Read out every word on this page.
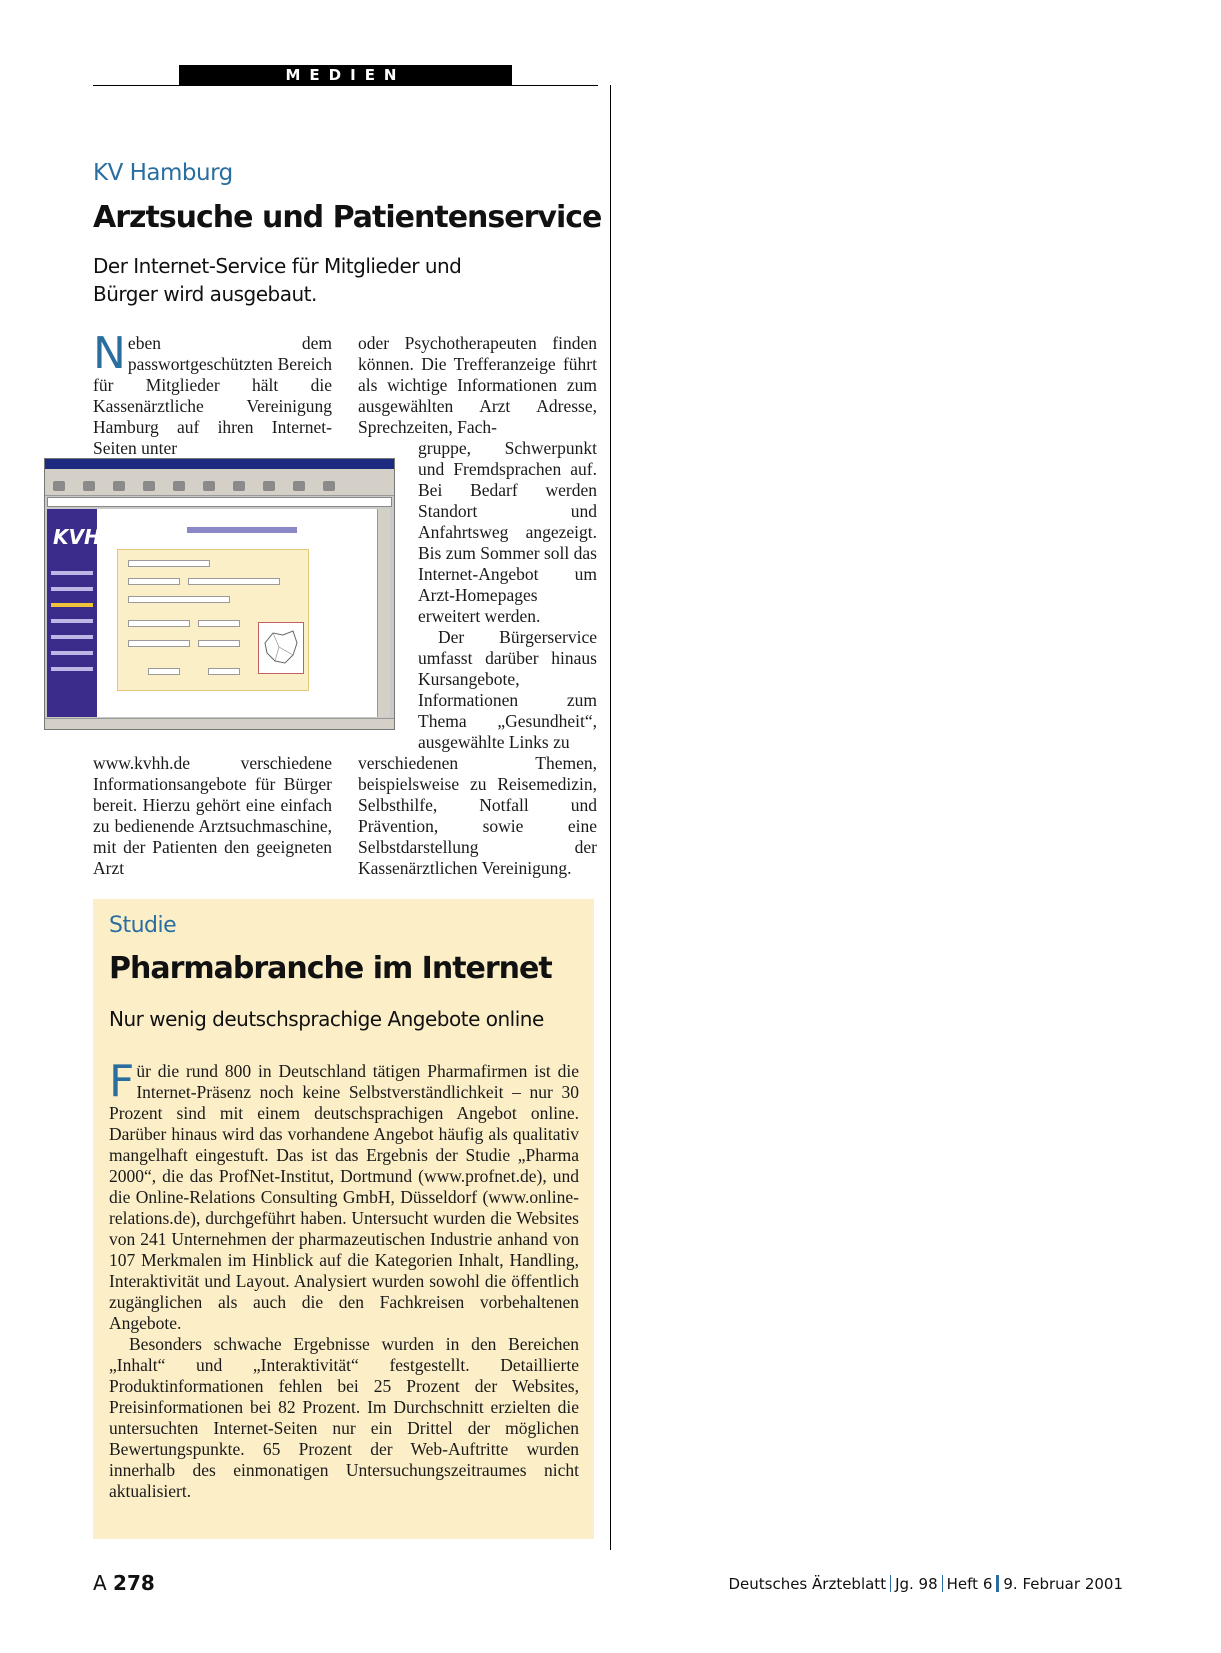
MEDIEN
KV Hamburg
Arztsuche und Patientenservice
Der Internet-Service für Mitglieder und
Bürger wird ausgebaut.
Neben dem passwortgeschützten Bereich für Mitglieder hält die Kassenärztliche Vereinigung Hamburg auf ihren Internet-Seiten unter
www.kvhh.de verschiedene Informationsangebote für Bürger bereit. Hierzu gehört eine einfach zu bedienende Arztsuchmaschine, mit der Patienten den geeigneten Arzt
oder Psychotherapeuten finden können. Die Trefferanzeige führt als wichtige Informationen zum ausgewählten Arzt Adresse, Sprechzeiten, Fach-
gruppe, Schwerpunkt und Fremdsprachen auf. Bei Bedarf werden Standort und Anfahrtsweg angezeigt. Bis zum Sommer soll das Internet-Angebot um Arzt-Homepages erweitert werden.
Der Bürgerservice umfasst darüber hinaus Kursangebote, Informationen zum Thema „Gesundheit“, ausgewählte Links zu
verschiedenen Themen, beispielsweise zu Reisemedizin, Selbsthilfe, Notfall und Prävention, sowie eine Selbstdarstellung der Kassenärztlichen Vereinigung.
KVH
Studie
Pharmabranche im Internet
Nur wenig deutschsprachige Angebote online
Für die rund 800 in Deutschland tätigen Pharmafirmen ist die Internet-Präsenz noch keine Selbstverständlichkeit – nur 30 Prozent sind mit einem deutschsprachigen Angebot online. Darüber hinaus wird das vorhandene Angebot häufig als qualitativ mangelhaft eingestuft. Das ist das Ergebnis der Studie „Pharma 2000“, die das ProfNet-Institut, Dortmund (www.profnet.de), und die Online-Relations Consulting GmbH, Düsseldorf (www.online-relations.de), durchgeführt haben. Untersucht wurden die Websites von 241 Unternehmen der pharmazeutischen Industrie anhand von 107 Merkmalen im Hinblick auf die Kategorien Inhalt, Handling, Interaktivität und Layout. Analysiert wurden sowohl die öffentlich zugänglichen als auch die den Fachkreisen vorbehaltenen Angebote.
Besonders schwache Ergebnisse wurden in den Bereichen „Inhalt“ und „Interaktivität“ festgestellt. Detaillierte Produktinformationen fehlen bei 25 Prozent der Websites, Preisinformationen bei 82 Prozent. Im Durchschnitt erzielten die untersuchten Internet-Seiten nur ein Drittel der möglichen Bewertungspunkte. 65 Prozent der Web-Auftritte wurden innerhalb des einmonatigen Untersuchungszeitraumes nicht aktualisiert.
A 278	Deutsches Ärzteblatt Jg. 98 Heft 6 9. Februar 2001
